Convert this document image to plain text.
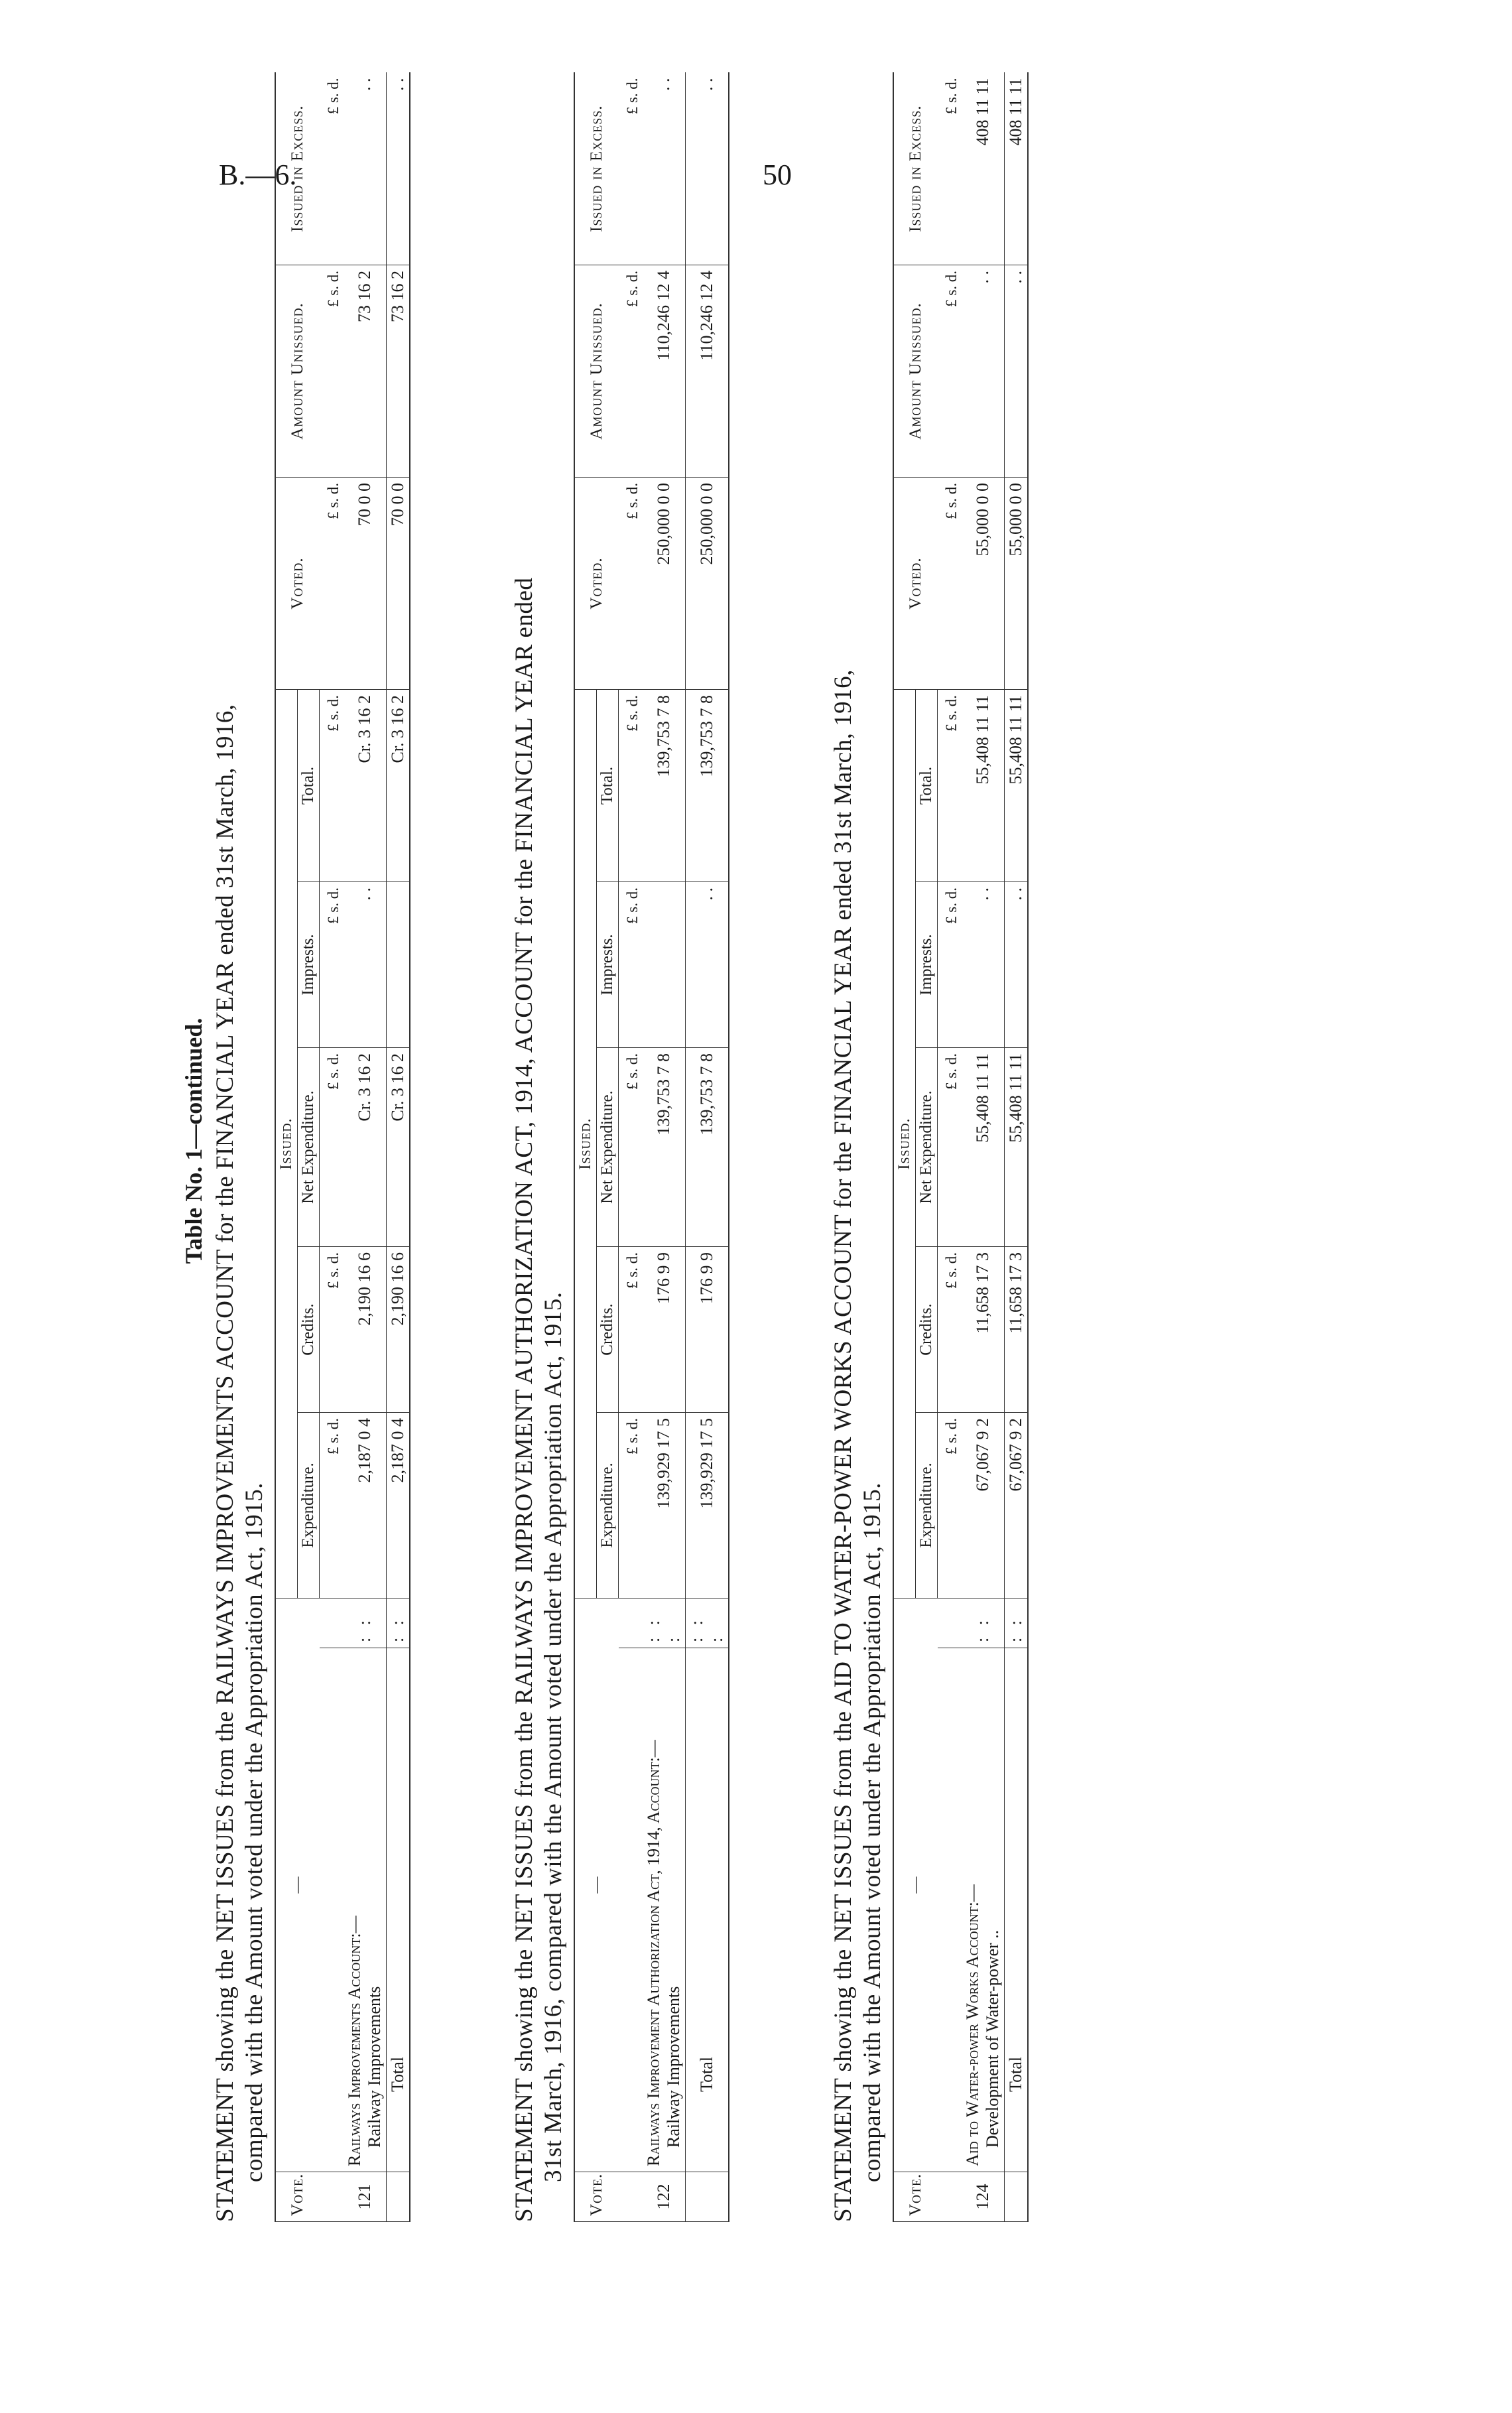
B.—6.	50
Table No. 1—continued. STATEMENT showing the NET ISSUES from the RAILWAYS IMPROVEMENTS ACCOUNT for the FINANCIAL YEAR ended 31st March, 1916, compared with the Amount voted under the Appropriation Act, 1915.
Vote.	—		Issued.					Voted.	Amount Unissued.	Issued in Excess.
			Expenditure.	Credits.	Net Expenditure.	Imprests.	Total.			
			£ s. d.	£ s. d.	£ s. d.	£ s. d.	£ s. d.	£ s. d.	£ s. d.	£ s. d.
121	Railways Improvements Account:— Railway Improvements	: :	2,187 0 4	2,190 16 6	Cr. 3 16 2	. .	Cr. 3 16 2	70 0 0	73 16 2	. .
	Total	: :	2,187 0 4	2,190 16 6	Cr. 3 16 2		Cr. 3 16 2	70 0 0	73 16 2	. .
STATEMENT showing the NET ISSUES from the RAILWAYS IMPROVEMENT AUTHORIZATION ACT, 1914, ACCOUNT for the FINANCIAL YEAR ended 31st March, 1916, compared with the Amount voted under the Appropriation Act, 1915.
Vote.	—		Issued.					Voted.	Amount Unissued.	Issued in Excess.
			Expenditure.	Credits.	Net Expenditure.	Imprests.	Total.			
			£ s. d.	£ s. d.	£ s. d.	£ s. d.	£ s. d.	£ s. d.	£ s. d.	£ s. d.
122	Railways Improvement Authorization Act, 1914, Account:— Railway Improvements	: : :	139,929 17 5	176 9 9	139,753 7 8		139,753 7 8	250,000 0 0	110,246 12 4	. .
	Total	: : :	139,929 17 5	176 9 9	139,753 7 8	. .	139,753 7 8	250,000 0 0	110,246 12 4	. .
STATEMENT showing the NET ISSUES from the AID TO WATER-POWER WORKS ACCOUNT for the FINANCIAL YEAR ended 31st March, 1916, compared with the Amount voted under the Appropriation Act, 1915.
Vote.	—		Issued.					Voted.	Amount Unissued.	Issued in Excess.
			Expenditure.	Credits.	Net Expenditure.	Imprests.	Total.			
			£ s. d.	£ s. d.	£ s. d.	£ s. d.	£ s. d.	£ s. d.	£ s. d.	£ s. d.
124	Aid to Water-power Works Account:— Development of Water-power ..	: :	67,067 9 2	11,658 17 3	55,408 11 11	. .	55,408 11 11	55,000 0 0	. .	408 11 11
	Total	: :	67,067 9 2	11,658 17 3	55,408 11 11	. .	55,408 11 11	55,000 0 0	. .	408 11 11
